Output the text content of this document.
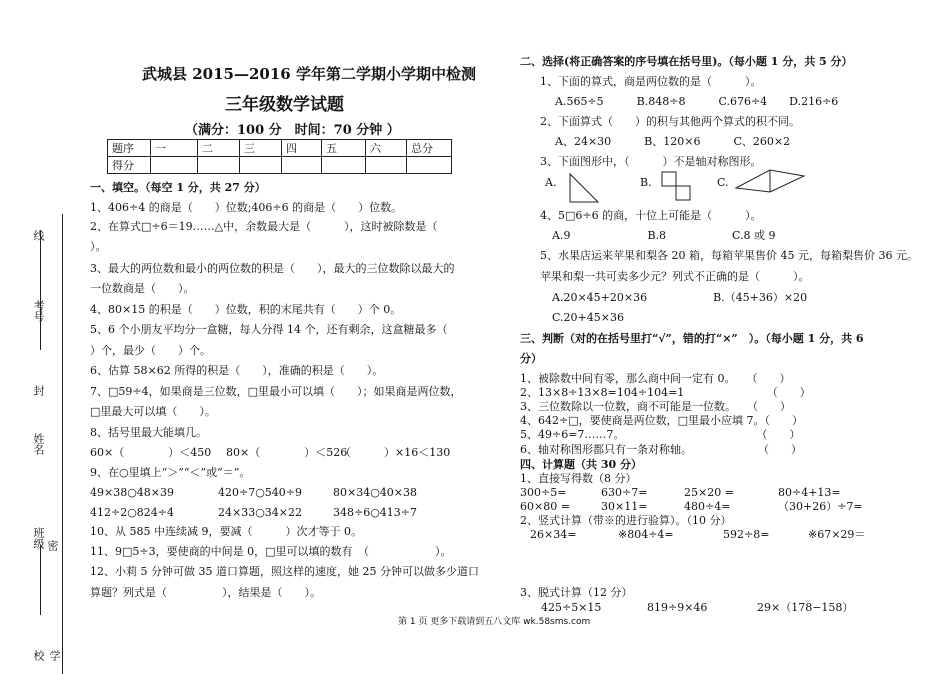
线
考号
封
姓名
班级 密
学校
武城县 2015—2016 学年第二学期小学期中检测
三年级数学试题
（满分：100 分　时间：70 分钟 ）
题序	一	二	三	四	五	六	总分
得分							
一、填空。（每空 1 分，共 27 分）
1、406÷4 的商是（　　）位数;406÷6 的商是（　　）位数。
2、在算式□÷6＝19……△中，余数最大是（　　　），这时被除数是（
）。
3、最大的两位数和最小的两位数的积是（　　），最大的三位数除以最大的
一位数商是（　　）。
4、80×15 的积是（　　）位数，积的末尾共有（　　）个 0。
5、6 个小朋友平均分一盒糖，每人分得 14 个，还有剩余，这盒糖最多（
）个，最少（　　）个。
6、估算 58×62 所得的积是（　　），准确的积是（　　）。
7、□59÷4，如果商是三位数，□里最小可以填（　　）；如果商是两位数，
□里最大可以填（　　）。
8、括号里最大能填几。
60×（　　　　）＜450 80×（　　　　）＜526
（　　　）×16＜130
9、在○里填上“＞”“＜”或“＝”。
49×38○48×39	420÷7○540÷9	80×34○40×38
412÷2○824÷4	24×33○34×22	348÷6○413÷7
10、从 585 中连续减 9，要减（　　　）次才等于 0。
11、9□5÷3，要使商的中间是 0，□里可以填的数有　（　　　　　　）。
12、小莉 5 分钟可做 35 道口算题，照这样的速度，她 25 分钟可以做多少道口
算题？列式是（　　　　　），结果是（　　）。
二、选择(将正确答案的序号填在括号里)。（每小题 1 分，共 5 分）
1、下面的算式，商是两位数的是（　　　）。
A.565÷5　　　B.848÷8　　　C.676÷4　　D.216÷6
2、下面算式（　　）的积与其他两个算式的积不同。
A、24×30　　　B、120×6　　　C、260×2
3、下面图形中，（　　　）不是轴对称图形。
A.	B.	C.
4、5□6÷6 的商，十位上可能是（　　　）。
A.9　　　　　　　B.8　　　　　　C.8 或 9
5、水果店运来苹果和梨各 20 箱，每箱苹果售价 45 元，每箱梨售价 36 元。
苹果和梨一共可卖多少元？列式不正确的是（　　　）。
A.20×45+20×36　　　　　　B.（45+36）×20
C.20+45×36
三、判断（对的在括号里打“√”，错的打“×”　）。（每小题 1 分，共 6
分）
1、被除数中间有零，那么商中间一定有 0。　　（　　）
2、13×8÷13×8=104÷104=1　　　　　　　　（　　）
3、三位数除以一位数，商不可能是一位数。　　（　　）
4、642÷□，要使商是两位数，□里最小应填 7。（　　）
5、49÷6=7……7。　　　　　　　　　　　　　（　　）
6、轴对称图形都只有一条对称轴。　　　　　　　（　　）
四、计算题（共 30 分）
1、直接写得数（8 分）
300÷5=	630÷7=	25×20 =	80÷4+13=
60×80 =	30×11=	480÷4=	（30+26）÷7=
2、竖式计算（带※的进行验算）。（10 分）
26×34=	※804÷4=	592÷8=	※67×29＝
3、脱式计算（12 分）
425÷5×15	819÷9×46	29×（178−158）
第 1 页 更多下载请到五八文库 wk.58sms.com
